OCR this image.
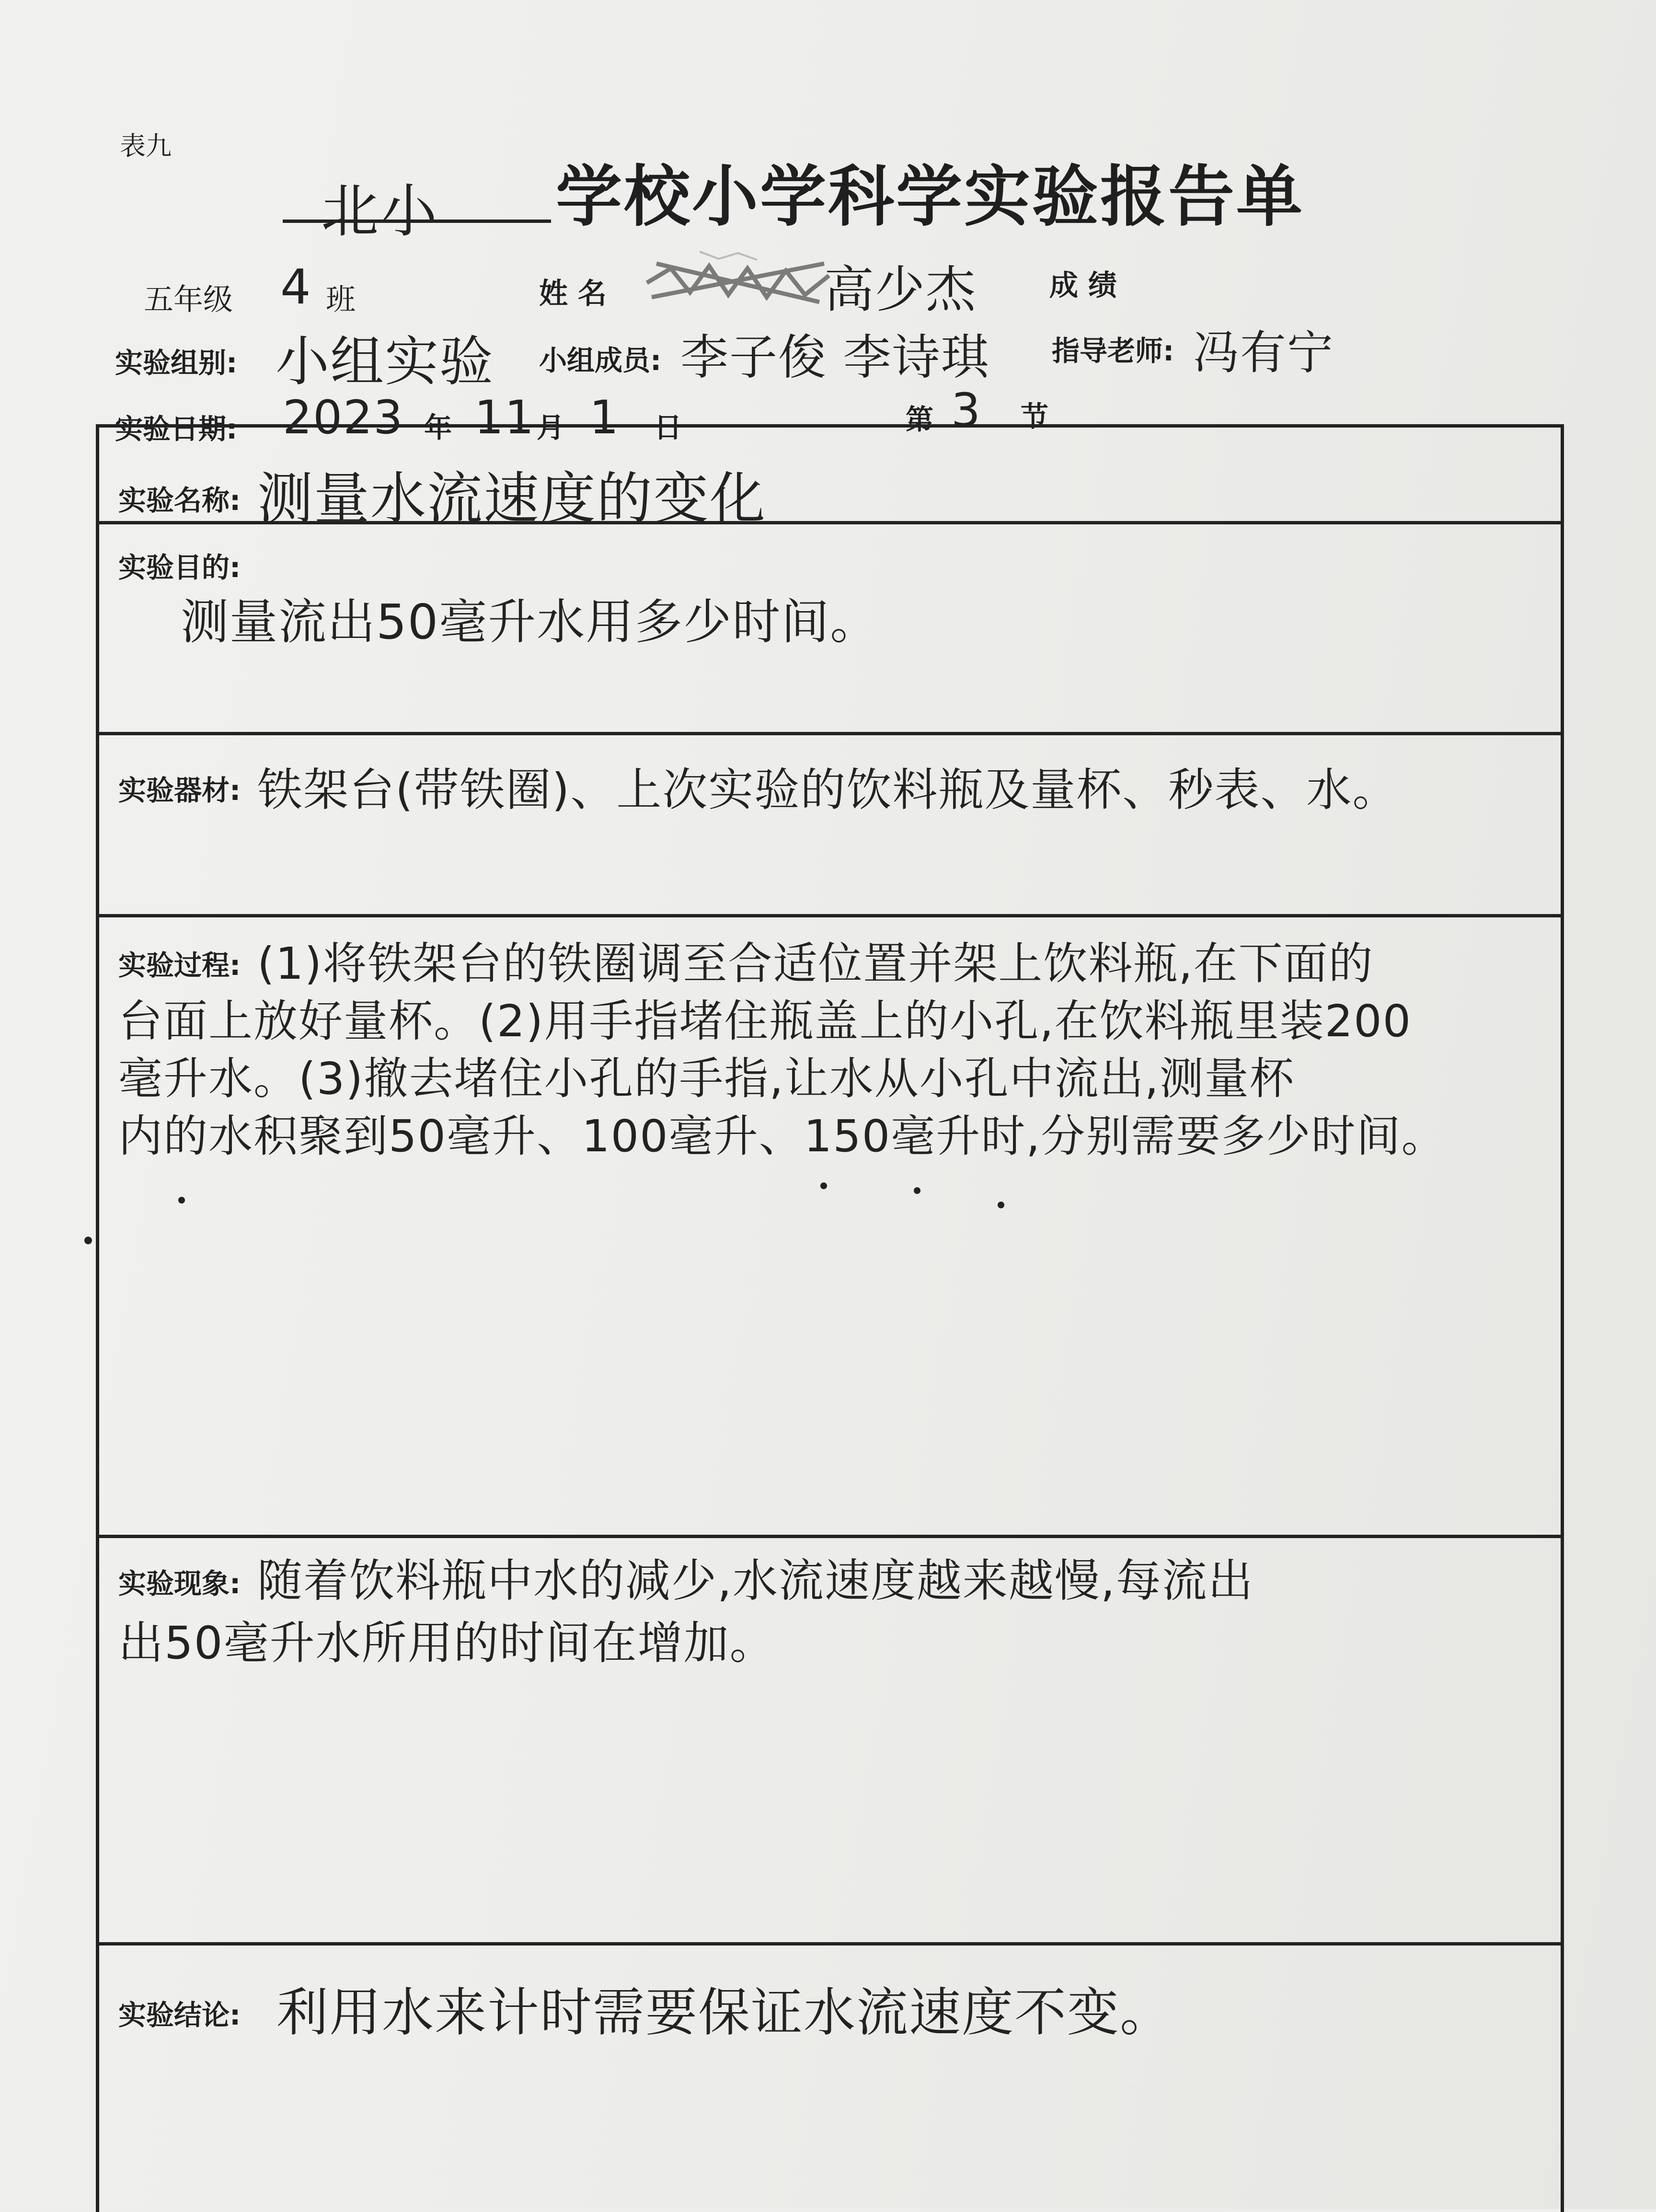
表九
北小 学校小学科学实验报告单
五年级 4 班	姓 名	高少杰	成 绩
实验组别: 小组实验 小组成员: 李子俊 李诗琪 指导老师: 冯有宁
实验日期: 2023 年 11 月 1 日	第 3 节
实验名称: 测量水流速度的变化
实验目的:
测量流出50毫升水用多少时间。
实验器材: 铁架台(带铁圈)、上次实验的饮料瓶及量杯、秒表、水。
实验过程: (1)将铁架台的铁圈调至合适位置并架上饮料瓶,在下面的
台面上放好量杯。(2)用手指堵住瓶盖上的小孔,在饮料瓶里装200
毫升水。(3)撤去堵住小孔的手指,让水从小孔中流出,测量杯
内的水积聚到50毫升、100毫升、150毫升时,分别需要多少时间。
实验现象: 随着饮料瓶中水的减少,水流速度越来越慢,每流出
出50毫升水所用的时间在增加。
实验结论: 利用水来计时需要保证水流速度不变。
